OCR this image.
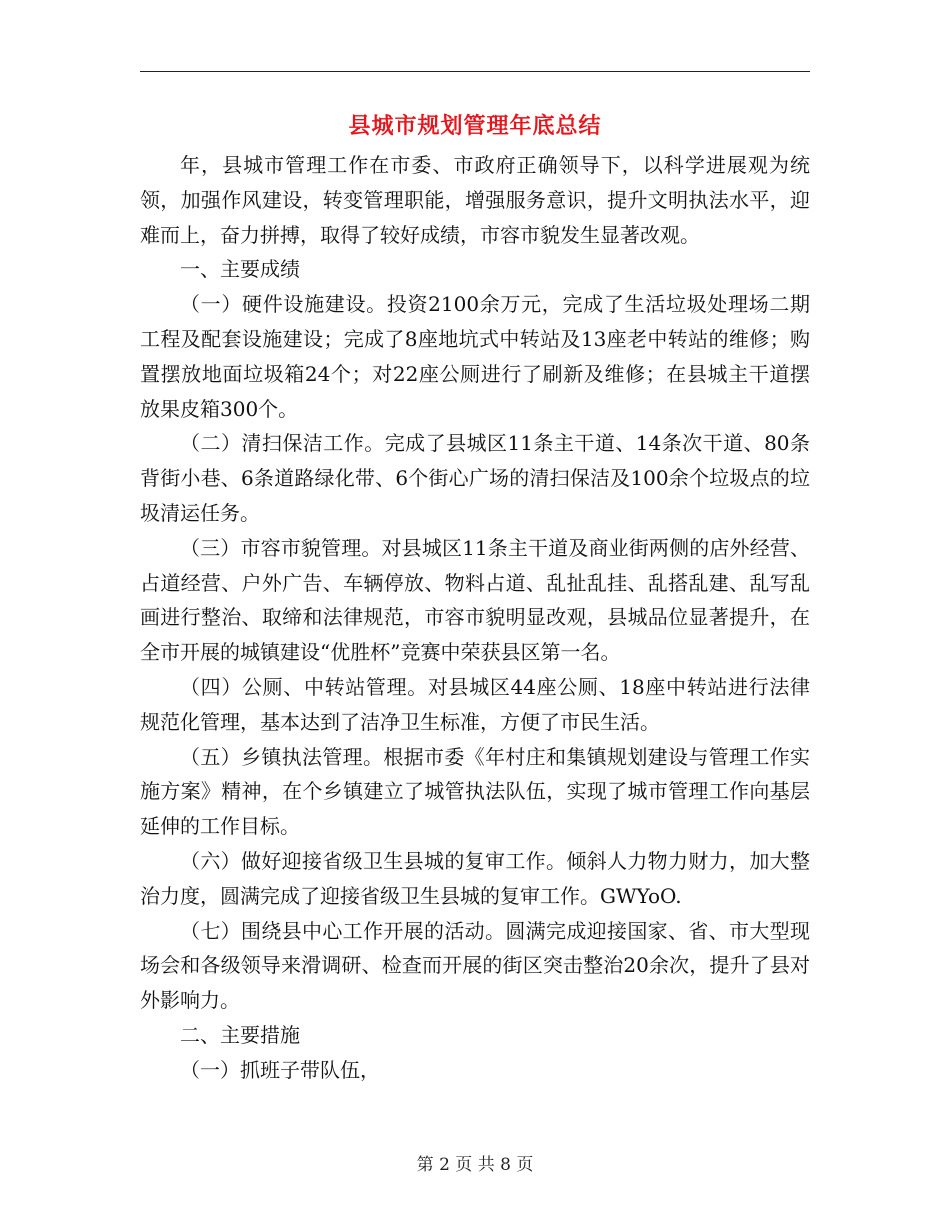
县城市规划管理年底总结

年，县城市管理工作在市委、市政府正确领导下，以科学进展观为统领，加强作风建设，转变管理职能，增强服务意识，提升文明执法水平，迎难而上，奋力拼搏，取得了较好成绩，市容市貌发生显著改观。

一、主要成绩

（一）硬件设施建设。投资2100余万元，完成了生活垃圾处理场二期工程及配套设施建设；完成了8座地坑式中转站及13座老中转站的维修；购置摆放地面垃圾箱24个；对22座公厕进行了刷新及维修；在县城主干道摆放果皮箱300个。

（二）清扫保洁工作。完成了县城区11条主干道、14条次干道、80条背街小巷、6条道路绿化带、6个街心广场的清扫保洁及100余个垃圾点的垃圾清运任务。

（三）市容市貌管理。对县城区11条主干道及商业街两侧的店外经营、占道经营、户外广告、车辆停放、物料占道、乱扯乱挂、乱搭乱建、乱写乱画进行整治、取缔和法律规范，市容市貌明显改观，县城品位显著提升，在全市开展的城镇建设“优胜杯”竞赛中荣获县区第一名。

（四）公厕、中转站管理。对县城区44座公厕、18座中转站进行法律规范化管理，基本达到了洁净卫生标准，方便了市民生活。

（五）乡镇执法管理。根据市委《年村庄和集镇规划建设与管理工作实施方案》精神，在个乡镇建立了城管执法队伍，实现了城市管理工作向基层延伸的工作目标。

（六）做好迎接省级卫生县城的复审工作。倾斜人力物力财力，加大整治力度，圆满完成了迎接省级卫生县城的复审工作。GWYoO.

（七）围绕县中心工作开展的活动。圆满完成迎接国家、省、市大型现场会和各级领导来滑调研、检查而开展的街区突击整治20余次，提升了县对外影响力。

二、主要措施

（一）抓班子带队伍，

第 2 页 共 8 页
